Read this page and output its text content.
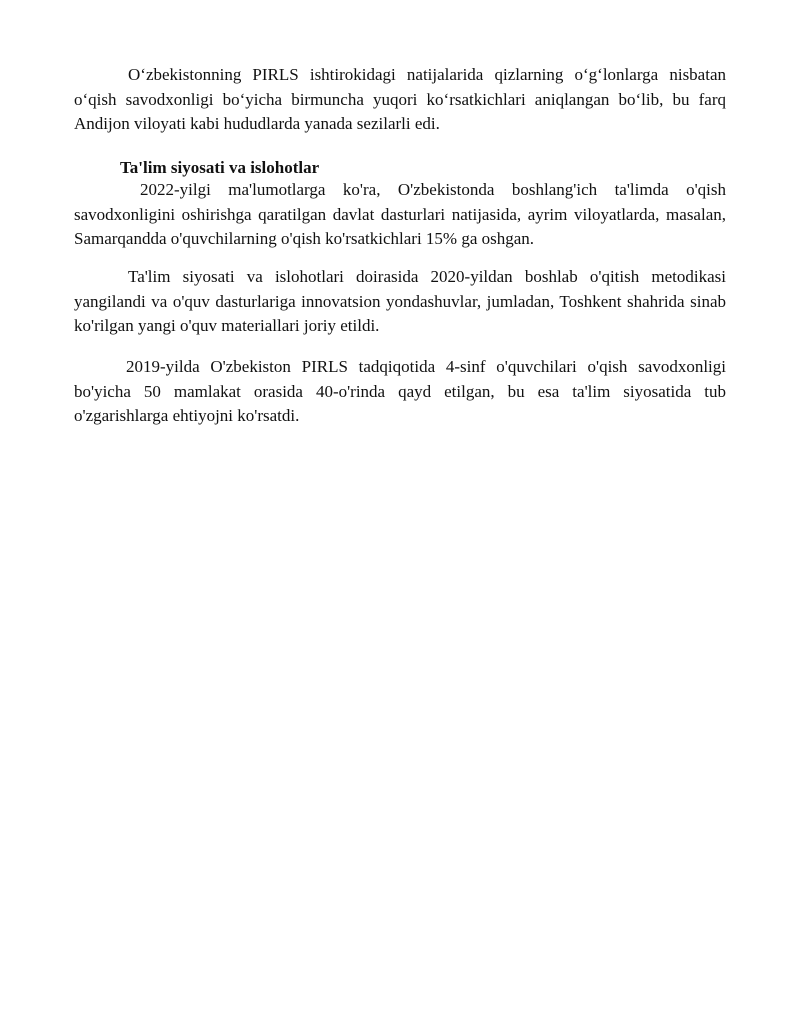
O‘zbekistonning PIRLS ishtirokidagi natijalarida qizlarning o‘g‘lonlarga nisbatan o‘qish savodxonligi bo‘yicha birmuncha yuqori ko‘rsatkichlari aniqlangan bo‘lib, bu farq Andijon viloyati kabi hududlarda yanada sezilarli edi.

Ta'lim siyosati va islohotlar

2022-yilgi ma'lumotlarga ko'ra, O'zbekistonda boshlang'ich ta'limda o'qish savodxonligini oshirishga qaratilgan davlat dasturlari natijasida, ayrim viloyatlarda, masalan, Samarqandda o'quvchilarning o'qish ko'rsatkichlari 15% ga oshgan.

Ta'lim siyosati va islohotlari doirasida 2020-yildan boshlab o'qitish metodikasi yangilandi va o'quv dasturlariga innovatsion yondashuvlar, jumladan, Toshkent shahrida sinab ko'rilgan yangi o'quv materiallari joriy etildi.

2019-yilda O'zbekiston PIRLS tadqiqotida 4-sinf o'quvchilari o'qish savodxonligi bo'yicha 50 mamlakat orasida 40-o'rinda qayd etilgan, bu esa ta'lim siyosatida tub o'zgarishlarga ehtiyojni ko'rsatdi.
